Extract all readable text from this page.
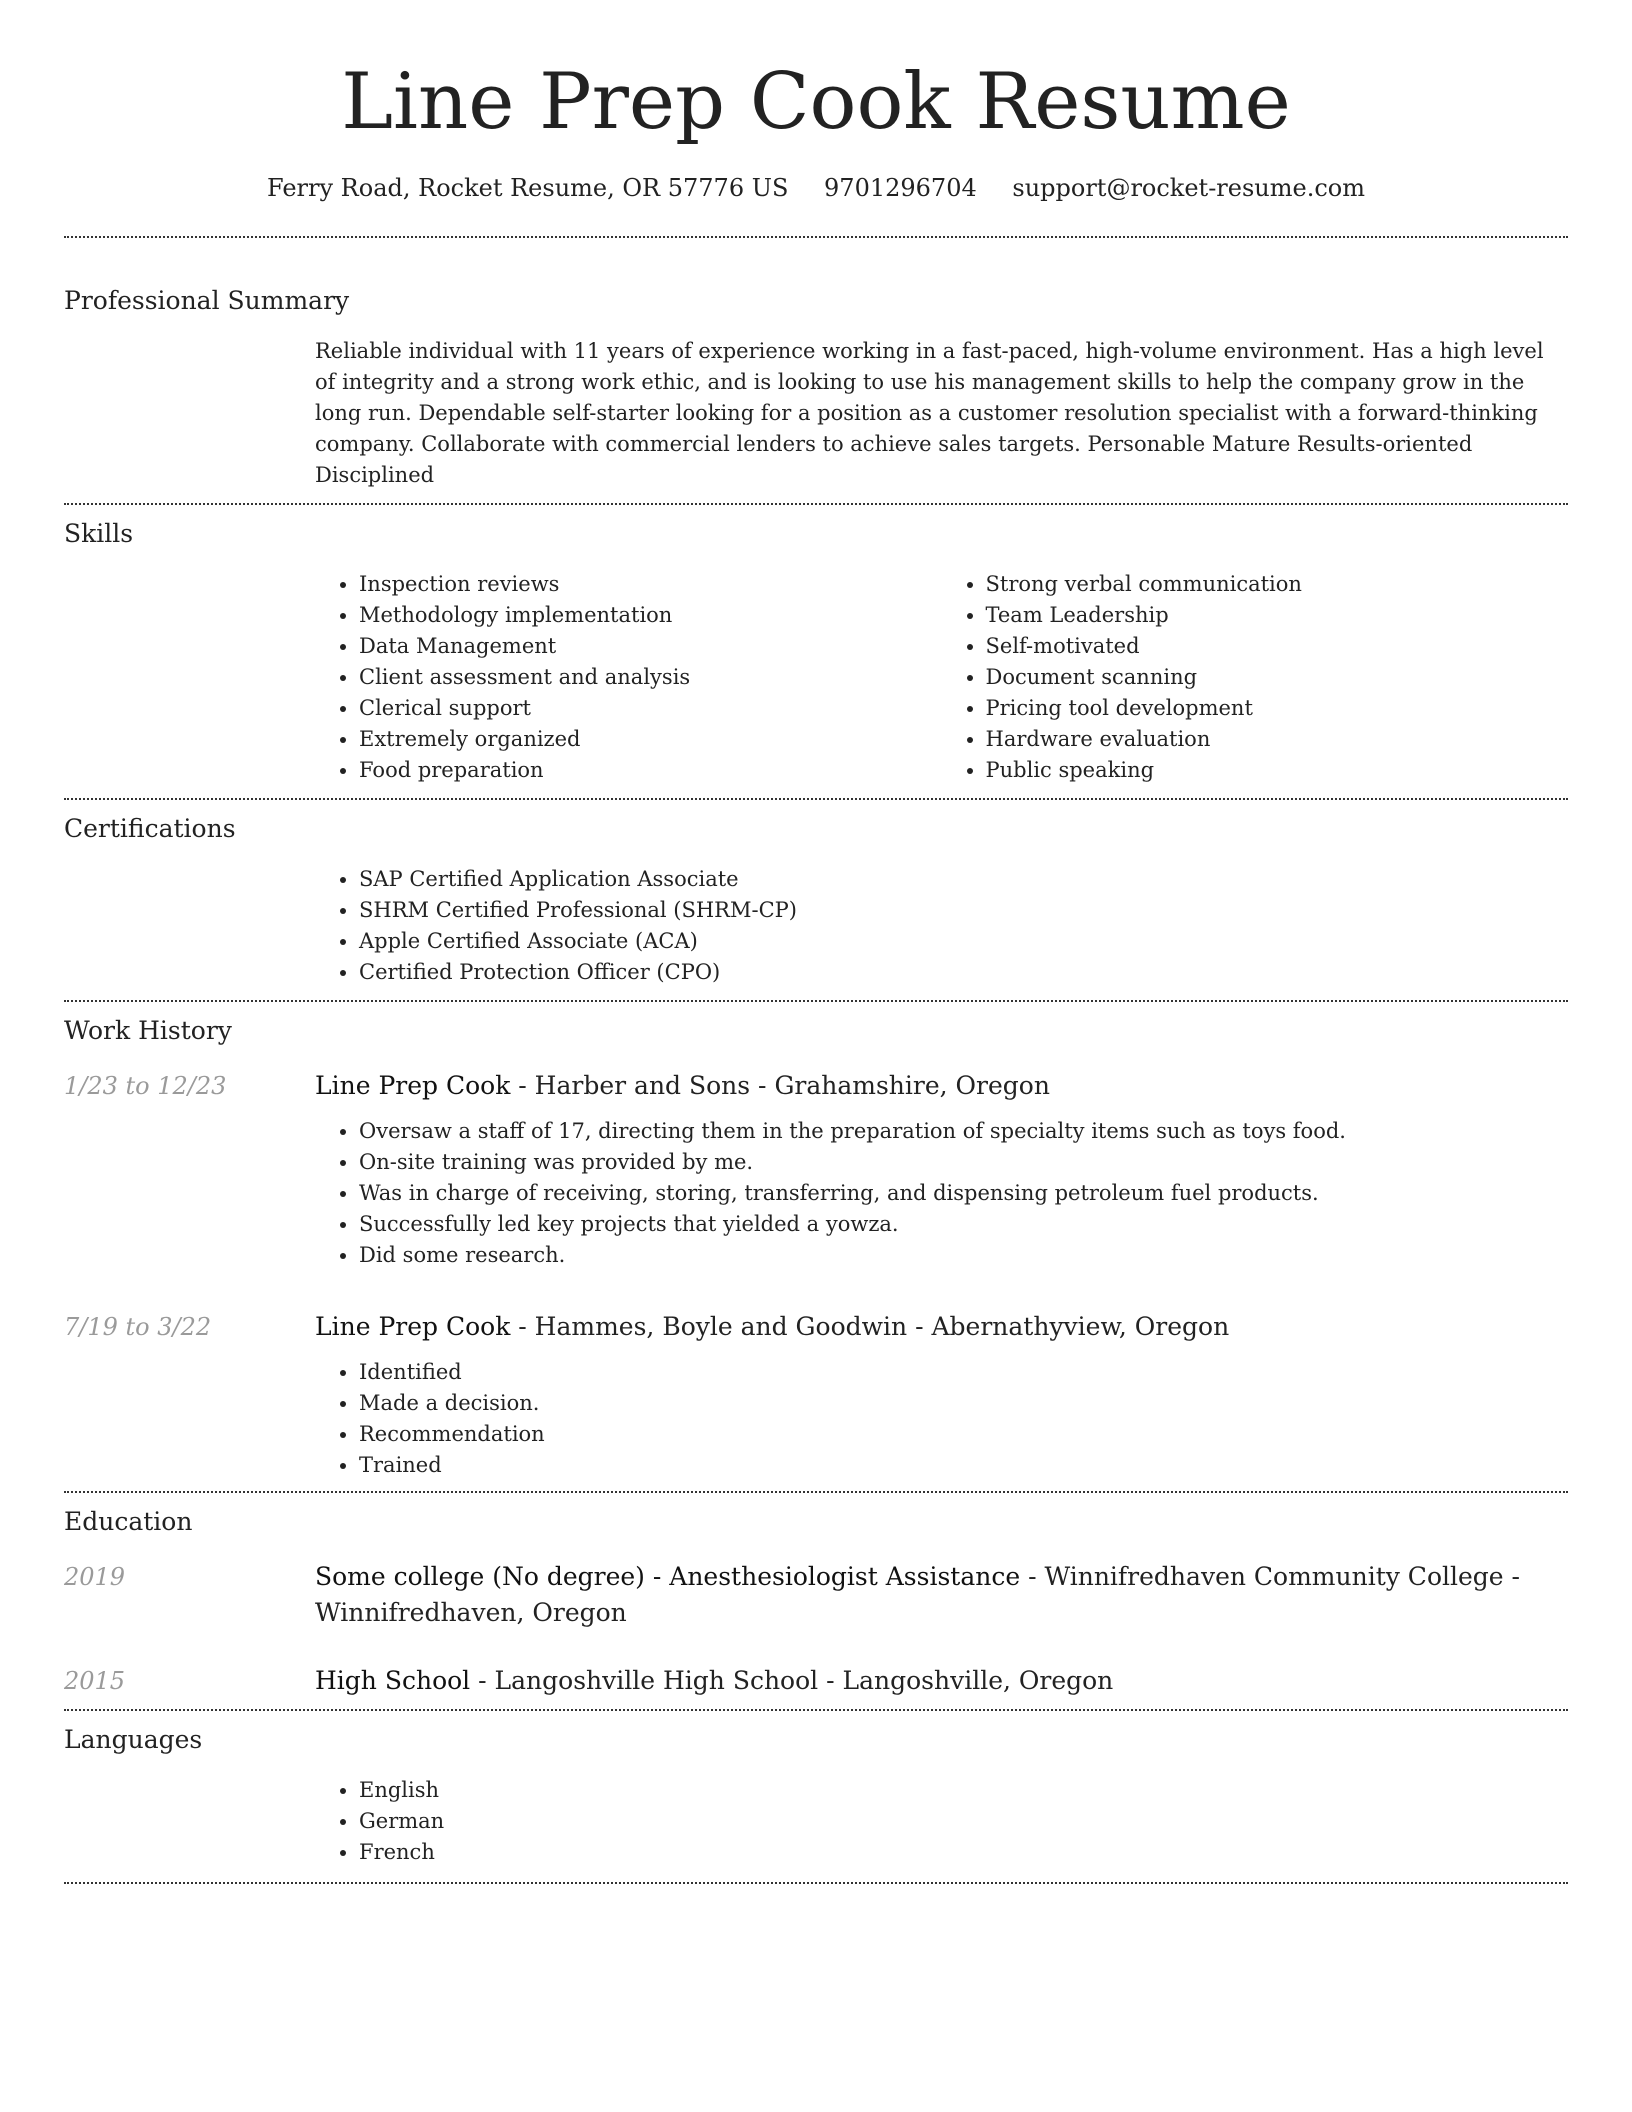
Line Prep Cook Resume
Ferry Road, Rocket Resume, OR 57776 US 9701296704 support@rocket-resume.com
Professional Summary

Reliable individual with 11 years of experience working in a fast-paced, high-volume environment. Has a high level of integrity and a strong work ethic, and is looking to use his management skills to help the company grow in the long run. Dependable self-starter looking for a position as a customer resolution specialist with a forward-thinking company. Collaborate with commercial lenders to achieve sales targets. Personable Mature Results-oriented Disciplined

Skills
• Inspection reviews
• Methodology implementation
• Data Management
• Client assessment and analysis
• Clerical support
• Extremely organized
• Food preparation
• Strong verbal communication
• Team Leadership
• Self-motivated
• Document scanning
• Pricing tool development
• Hardware evaluation
• Public speaking
Certifications
• SAP Certified Application Associate
• SHRM Certified Professional (SHRM-CP)
• Apple Certified Associate (ACA)
• Certified Protection Officer (CPO)
Work History
1/23 to 12/23	Line Prep Cook - Harber and Sons - Grahamshire, Oregon
• Oversaw a staff of 17, directing them in the preparation of specialty items such as toys food.
• On-site training was provided by me.
• Was in charge of receiving, storing, transferring, and dispensing petroleum fuel products.
• Successfully led key projects that yielded a yowza.
• Did some research.
7/19 to 3/22	Line Prep Cook - Hammes, Boyle and Goodwin - Abernathyview, Oregon
• Identified
• Made a decision.
• Recommendation
• Trained
Education
2019	Some college (No degree) - Anesthesiologist Assistance - Winnifredhaven Community College - Winnifredhaven, Oregon
2015	High School - Langoshville High School - Langoshville, Oregon
Languages
• English
• German
• French
